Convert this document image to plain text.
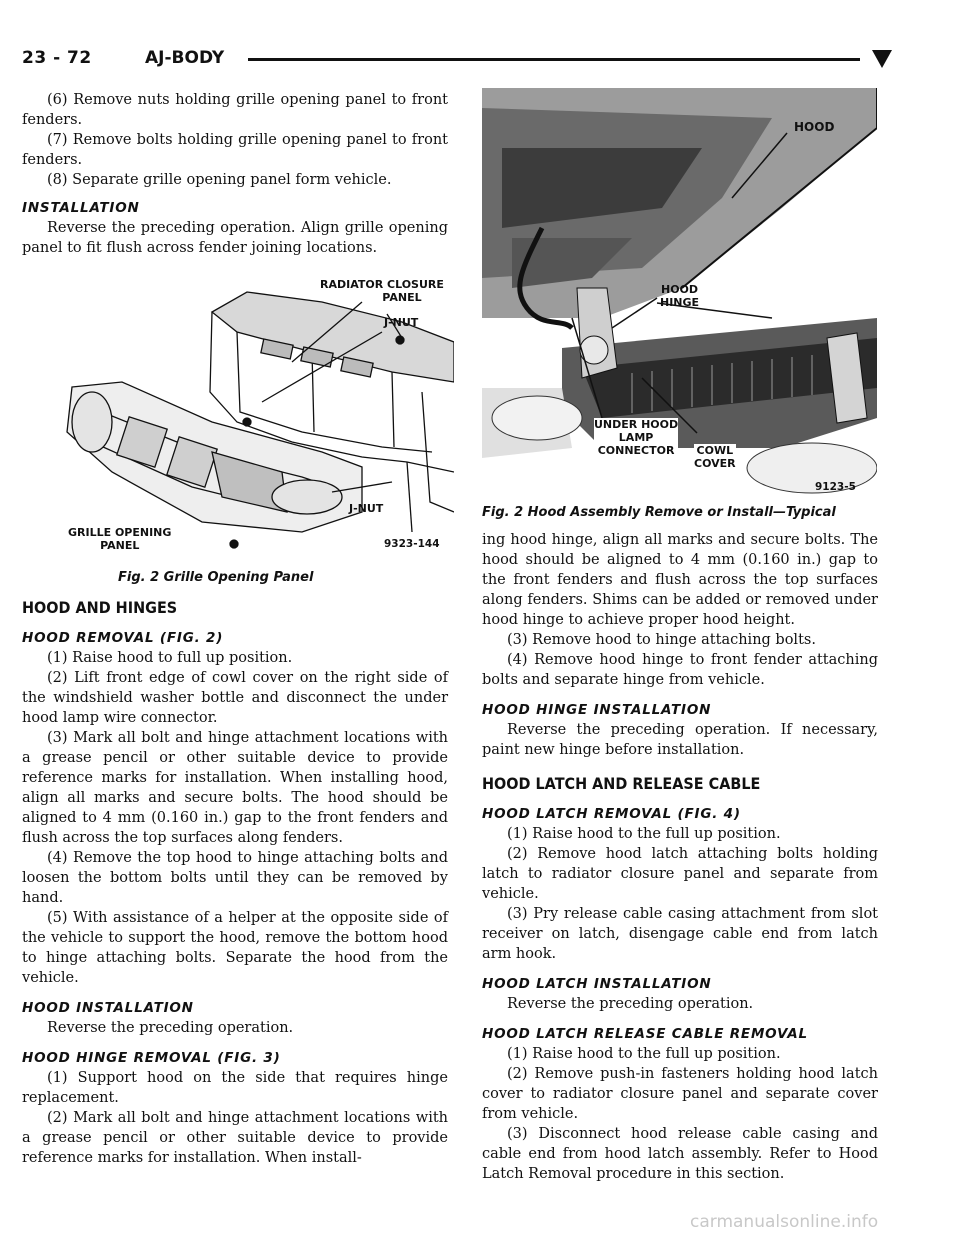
23 - 72	AJ-BODY

(6) Remove nuts holding grille opening panel to front fenders.

(7) Remove bolts holding grille opening panel to front fenders.

(8) Separate grille opening panel form vehicle.

INSTALLATION

Reverse the preceding operation. Align grille opening panel to fit flush across fender joining locations.

RADIATOR CLOSURE
PANEL
J-NUT
J-NUT
GRILLE OPENING
PANEL	9323-144
Fig. 2 Grille Opening Panel

HOOD AND HINGES

HOOD REMOVAL (FIG. 2)

(1) Raise hood to full up position.

(2) Lift front edge of cowl cover on the right side of the windshield washer bottle and disconnect the under hood lamp wire connector.

(3) Mark all bolt and hinge attachment locations with a grease pencil or other suitable device to provide reference marks for installation. When installing hood, align all marks and secure bolts. The hood should be aligned to 4 mm (0.160 in.) gap to the front fenders and flush across the top surfaces along fenders.

(4) Remove the top hood to hinge attaching bolts and loosen the bottom bolts until they can be removed by hand.

(5) With assistance of a helper at the opposite side of the vehicle to support the hood, remove the bottom hood to hinge attaching bolts. Separate the hood from the vehicle.

HOOD INSTALLATION

Reverse the preceding operation.

HOOD HINGE REMOVAL (FIG. 3)

(1) Support hood on the side that requires hinge replacement.

(2) Mark all bolt and hinge attachment locations with a grease pencil or other suitable device to provide reference marks for installation. When install-

HOOD
HOOD
HINGE
UNDER HOOD
LAMP
CONNECTOR	COWL
COVER
9123-5
Fig. 2 Hood Assembly Remove or Install—Typical

ing hood hinge, align all marks and secure bolts. The hood should be aligned to 4 mm (0.160 in.) gap to the front fenders and flush across the top surfaces along fenders. Shims can be added or removed under hood hinge to achieve proper hood height.

(3) Remove hood to hinge attaching bolts.

(4) Remove hood hinge to front fender attaching bolts and separate hinge from vehicle.

HOOD HINGE INSTALLATION

Reverse the preceding operation. If necessary, paint new hinge before installation.

HOOD LATCH AND RELEASE CABLE

HOOD LATCH REMOVAL (FIG. 4)

(1) Raise hood to the full up position.

(2) Remove hood latch attaching bolts holding latch to radiator closure panel and separate from vehicle.

(3) Pry release cable casing attachment from slot receiver on latch, disengage cable end from latch arm hook.

HOOD LATCH INSTALLATION

Reverse the preceding operation.

HOOD LATCH RELEASE CABLE REMOVAL

(1) Raise hood to the full up position.

(2) Remove push-in fasteners holding hood latch cover to radiator closure panel and separate cover from vehicle.

(3) Disconnect hood release cable casing and cable end from hood latch assembly. Refer to Hood Latch Removal procedure in this section.

carmanualsonline.info
